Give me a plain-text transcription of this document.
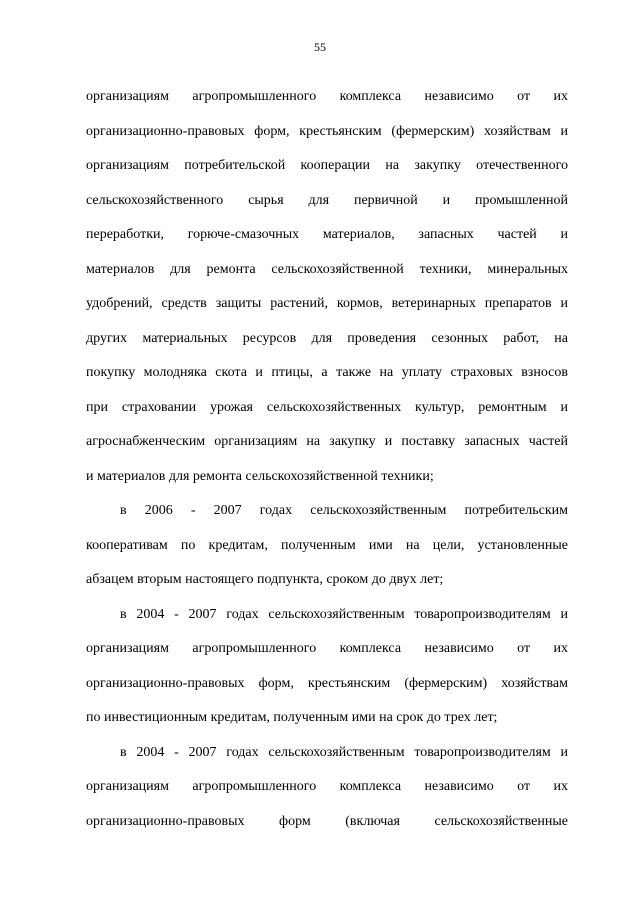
55
организациям агропромышленного комплекса независимо от их
организационно-правовых форм, крестьянским (фермерским) хозяйствам и
организациям потребительской кооперации на закупку отечественного
сельскохозяйственного сырья для первичной и промышленной
переработки, горюче-смазочных материалов, запасных частей и
материалов для ремонта сельскохозяйственной техники, минеральных
удобрений, средств защиты растений, кормов, ветеринарных препаратов и
других материальных ресурсов для проведения сезонных работ, на
покупку молодняка скота и птицы, а также на уплату страховых взносов
при страховании урожая сельскохозяйственных культур, ремонтным и
агроснабженческим организациям на закупку и поставку запасных частей
и материалов для ремонта сельскохозяйственной техники;
в 2006 - 2007 годах сельскохозяйственным потребительским
кооперативам по кредитам, полученным ими на цели, установленные
абзацем вторым настоящего подпункта, сроком до двух лет;
в 2004 - 2007 годах сельскохозяйственным товаропроизводителям и
организациям агропромышленного комплекса независимо от их
организационно-правовых форм, крестьянским (фермерским) хозяйствам
по инвестиционным кредитам, полученным ими на срок до трех лет;
в 2004 - 2007 годах сельскохозяйственным товаропроизводителям и
организациям агропромышленного комплекса независимо от их
организационно-правовых форм (включая сельскохозяйственные
